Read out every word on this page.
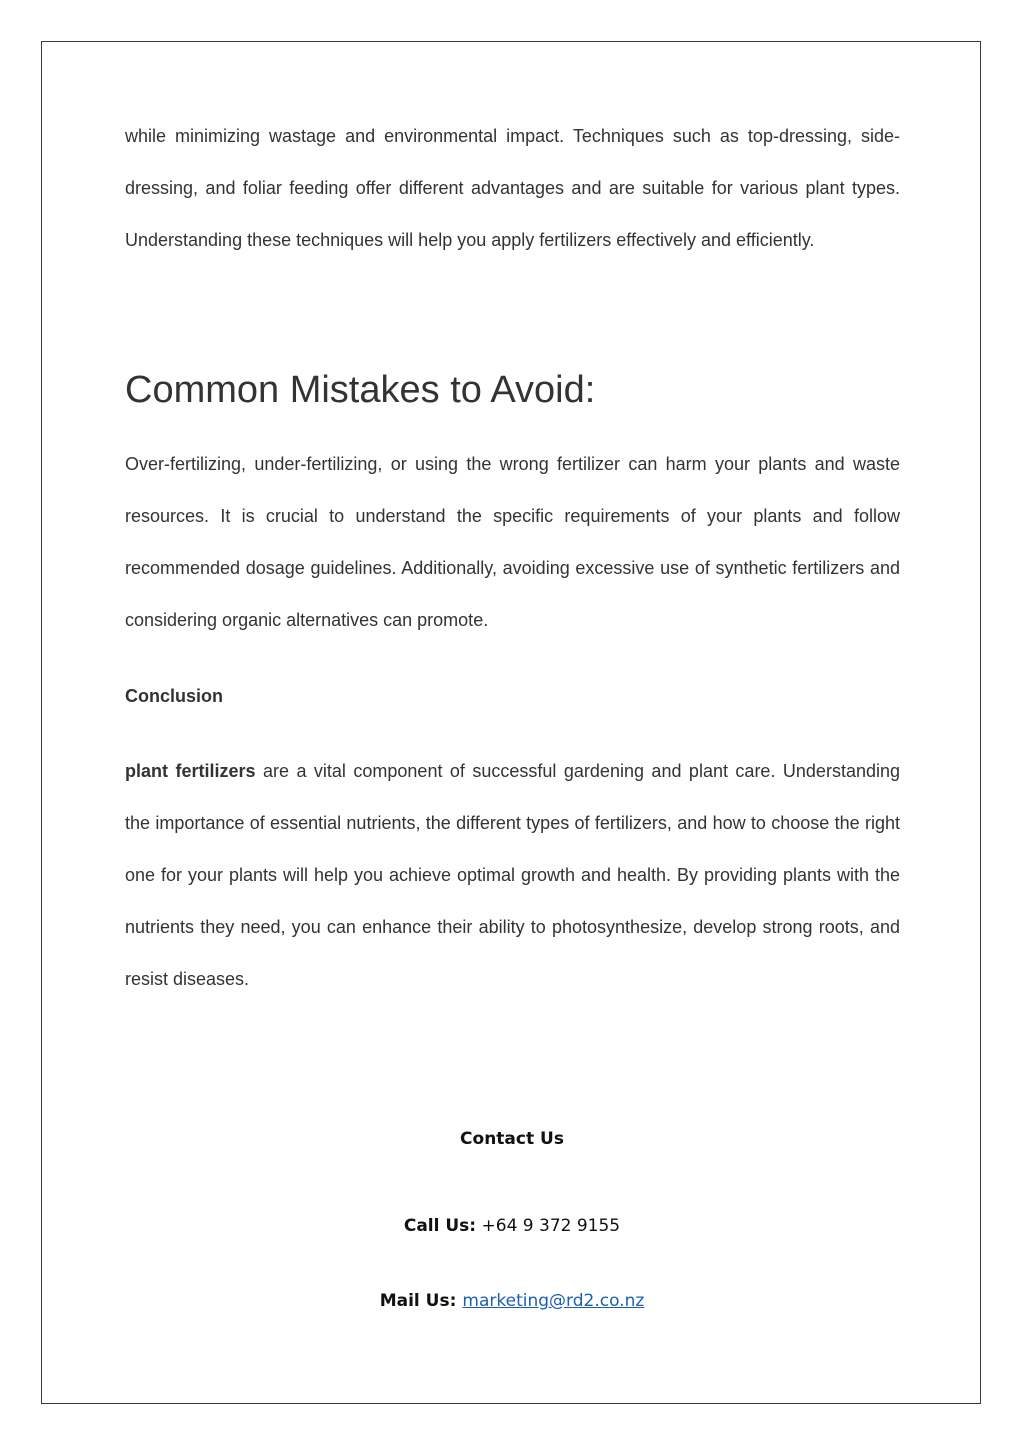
while minimizing wastage and environmental impact. Techniques such as top-dressing, side-dressing, and foliar feeding offer different advantages and are suitable for various plant types. Understanding these techniques will help you apply fertilizers effectively and efficiently.

Common Mistakes to Avoid:

Over-fertilizing, under-fertilizing, or using the wrong fertilizer can harm your plants and waste resources. It is crucial to understand the specific requirements of your plants and follow recommended dosage guidelines. Additionally, avoiding excessive use of synthetic fertilizers and considering organic alternatives can promote.

Conclusion

plant fertilizers are a vital component of successful gardening and plant care. Understanding the importance of essential nutrients, the different types of fertilizers, and how to choose the right one for your plants will help you achieve optimal growth and health. By providing plants with the nutrients they need, you can enhance their ability to photosynthesize, develop strong roots, and resist diseases.

Contact Us
Call Us: +64 9 372 9155
Mail Us: marketing@rd2.co.nz
